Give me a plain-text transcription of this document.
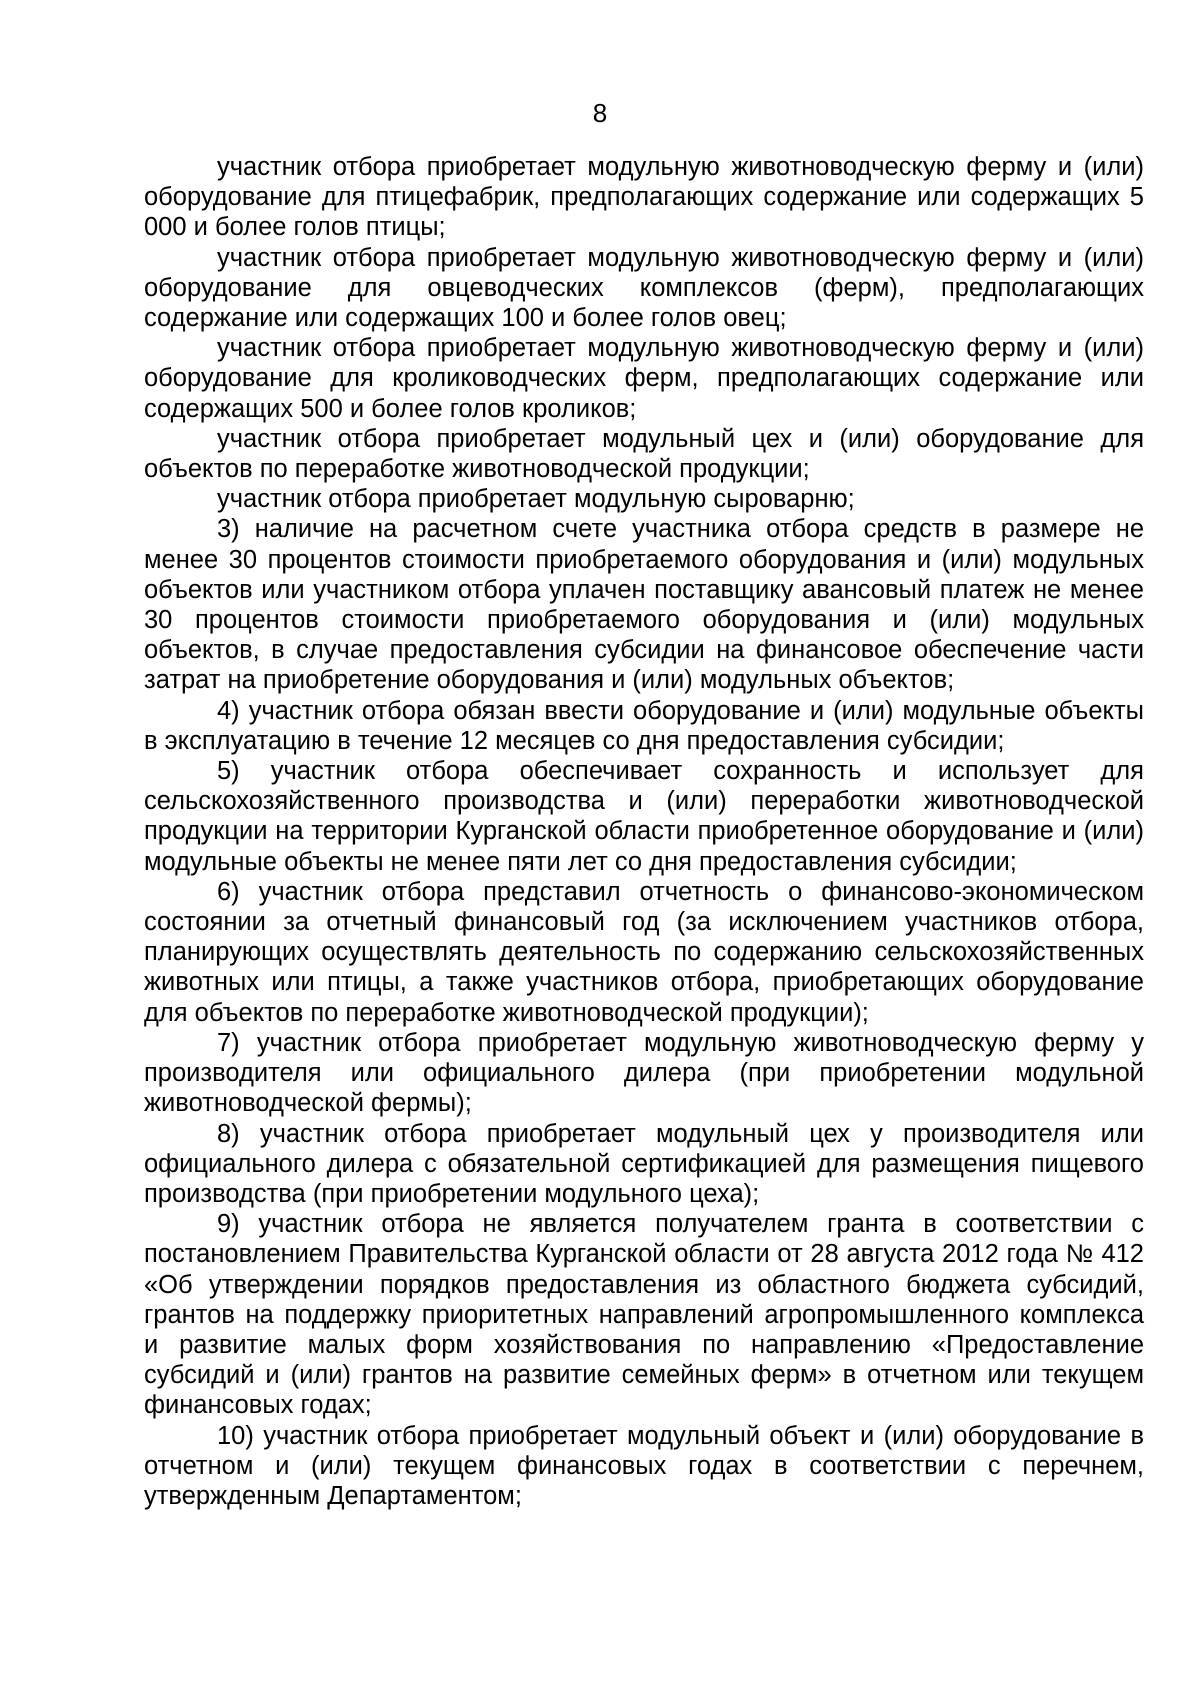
8

участник отбора приобретает модульную животноводческую ферму и (или) оборудование для птицефабрик, предполагающих содержание или содержащих 5 000 и более голов птицы;

участник отбора приобретает модульную животноводческую ферму и (или) оборудование для овцеводческих комплексов (ферм), предполагающих содержание или содержащих 100 и более голов овец;

участник отбора приобретает модульную животноводческую ферму и (или) оборудование для кролиководческих ферм, предполагающих содержание или содержащих 500 и более голов кроликов;

участник отбора приобретает модульный цех и (или) оборудование для объектов по переработке животноводческой продукции;

участник отбора приобретает модульную сыроварню;

3) наличие на расчетном счете участника отбора средств в размере не менее 30 процентов стоимости приобретаемого оборудования и (или) модульных объектов или участником отбора уплачен поставщику авансовый платеж не менее 30 процентов стоимости приобретаемого оборудования и (или) модульных объектов, в случае предоставления субсидии на финансовое обеспечение части затрат на приобретение оборудования и (или) модульных объектов;

4) участник отбора обязан ввести оборудование и (или) модульные объекты в эксплуатацию в течение 12 месяцев со дня предоставления субсидии;

5) участник отбора обеспечивает сохранность и использует для сельскохозяйственного производства и (или) переработки животноводческой продукции на территории Курганской области приобретенное оборудование и (или) модульные объекты не менее пяти лет со дня предоставления субсидии;

6) участник отбора представил отчетность о финансово-экономическом состоянии за отчетный финансовый год (за исключением участников отбора, планирующих осуществлять деятельность по содержанию сельскохозяйственных животных или птицы, а также участников отбора, приобретающих оборудование для объектов по переработке животноводческой продукции);

7) участник отбора приобретает модульную животноводческую ферму у производителя или официального дилера (при приобретении модульной животноводческой фермы);

8) участник отбора приобретает модульный цех у производителя или официального дилера с обязательной сертификацией для размещения пищевого производства (при приобретении модульного цеха);

9) участник отбора не является получателем гранта в соответствии с постановлением Правительства Курганской области от 28 августа 2012 года № 412 «Об утверждении порядков предоставления из областного бюджета субсидий, грантов на поддержку приоритетных направлений агропромышленного комплекса и развитие малых форм хозяйствования по направлению «Предоставление субсидий и (или) грантов на развитие семейных ферм» в отчетном или текущем финансовых годах;

10) участник отбора приобретает модульный объект и (или) оборудование в отчетном и (или) текущем финансовых годах в соответствии с перечнем, утвержденным Департаментом;
